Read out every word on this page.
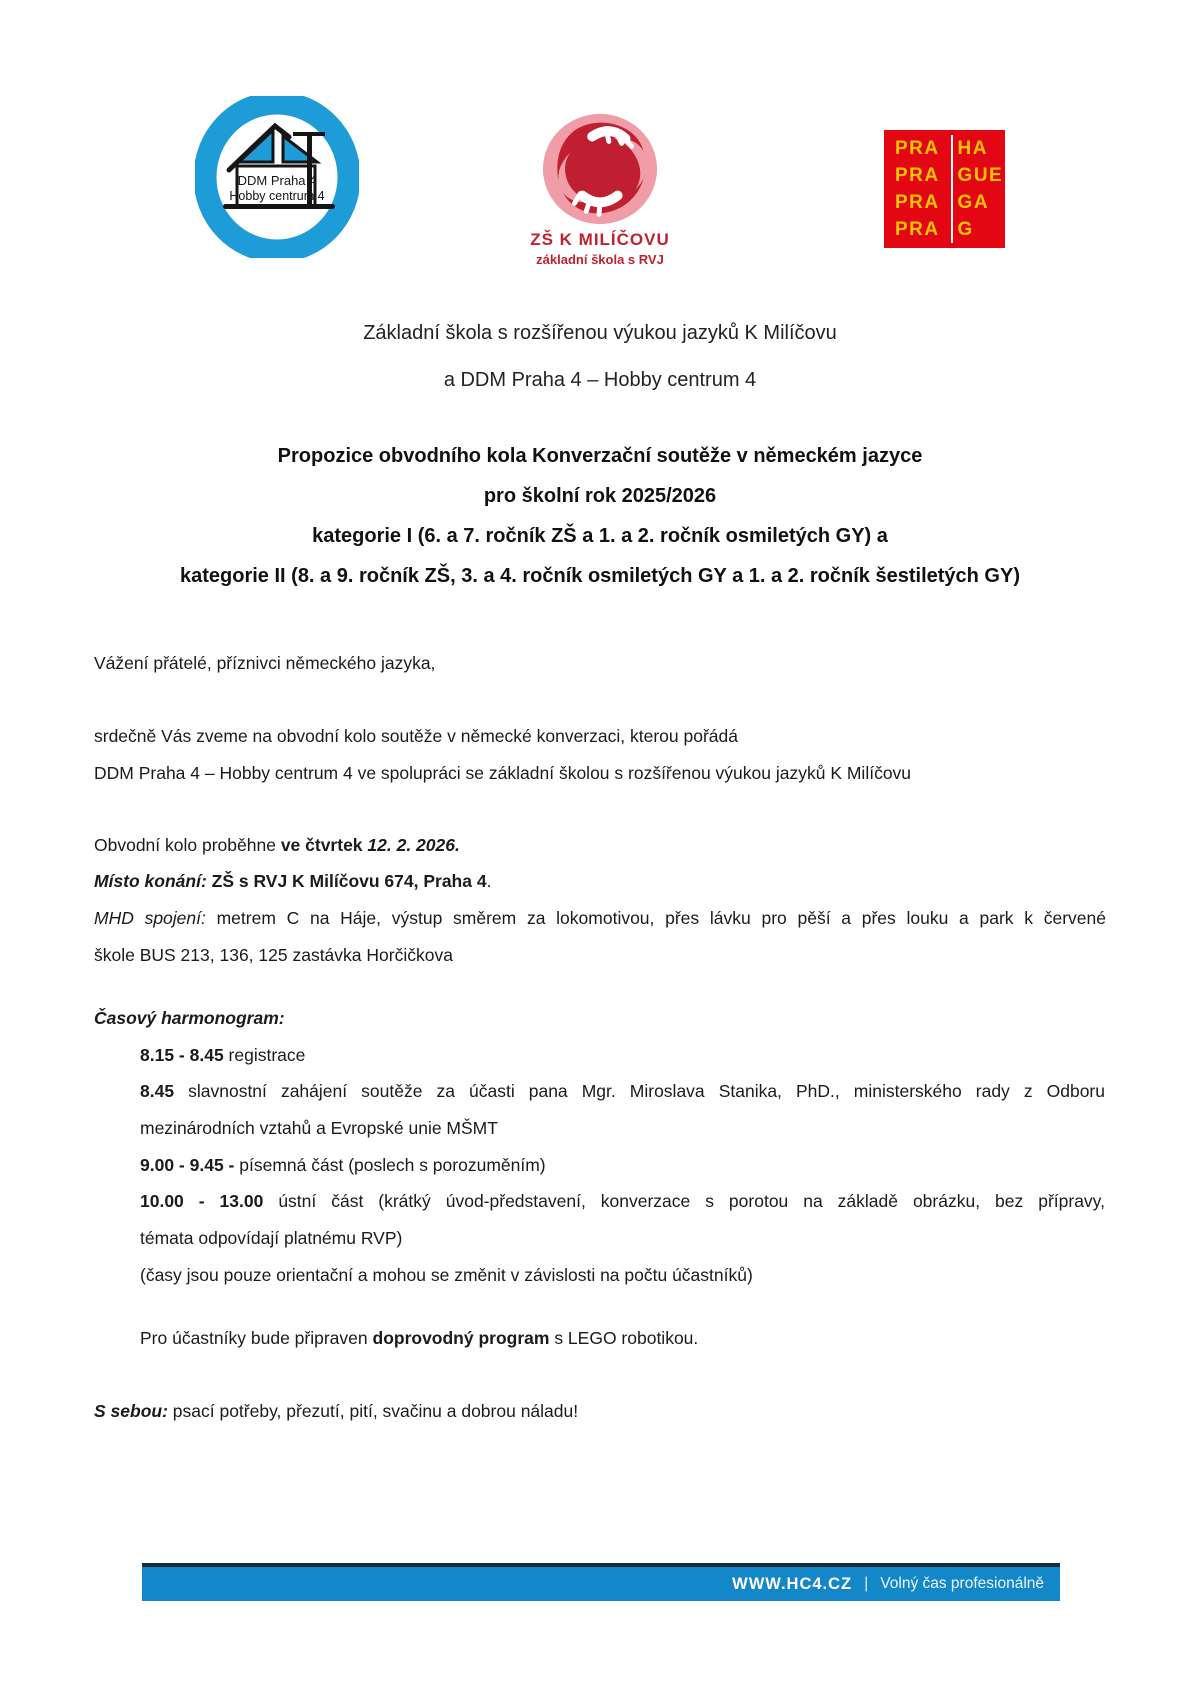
DDM Praha 4
Hobby centrum 4
ZŠ K MILÍČOVU
základní škola s RVJ
PRA HA
PRA GUE
PRA GA
PRA G
Základní škola s rozšířenou výukou jazyků K Milíčovu
a DDM Praha 4 – Hobby centrum 4
Propozice obvodního kola Konverzační soutěže v německém jazyce
pro školní rok 2025/2026
kategorie I (6. a 7. ročník ZŠ a 1. a 2. ročník osmiletých GY) a
kategorie II (8. a 9. ročník ZŠ, 3. a 4. ročník osmiletých GY a 1. a 2. ročník šestiletých GY)

Vážení přátelé, příznivci německého jazyka,

srdečně Vás zveme na obvodní kolo soutěže v německé konverzaci, kterou pořádá
DDM Praha 4 – Hobby centrum 4 ve spolupráci se základní školou s rozšířenou výukou jazyků K Milíčovu

Obvodní kolo proběhne ve čtvrtek 12. 2. 2026.

Místo konání: ZŠ s RVJ K Milíčovu 674, Praha 4.

MHD spojení: metrem C na Háje, výstup směrem za lokomotivou, přes lávku pro pěší a přes louku a park k červené
škole BUS 213, 136, 125 zastávka Horčičkova

Časový harmonogram:

8.15 - 8.45 registrace

8.45 slavnostní zahájení soutěže za účasti pana Mgr. Miroslava Stanika, PhD., ministerského rady z Odboru
mezinárodních vztahů a Evropské unie MŠMT

9.00 - 9.45 - písemná část (poslech s porozuměním)

10.00 - 13.00 ústní část (krátký úvod-představení, konverzace s porotou na základě obrázku, bez přípravy,
témata odpovídají platnému RVP)

(časy jsou pouze orientační a mohou se změnit v závislosti na počtu účastníků)

Pro účastníky bude připraven doprovodný program s LEGO robotikou.

S sebou: psací potřeby, přezutí, pití, svačinu a dobrou náladu!

WWW.HC4.CZ | Volný čas profesionálně
